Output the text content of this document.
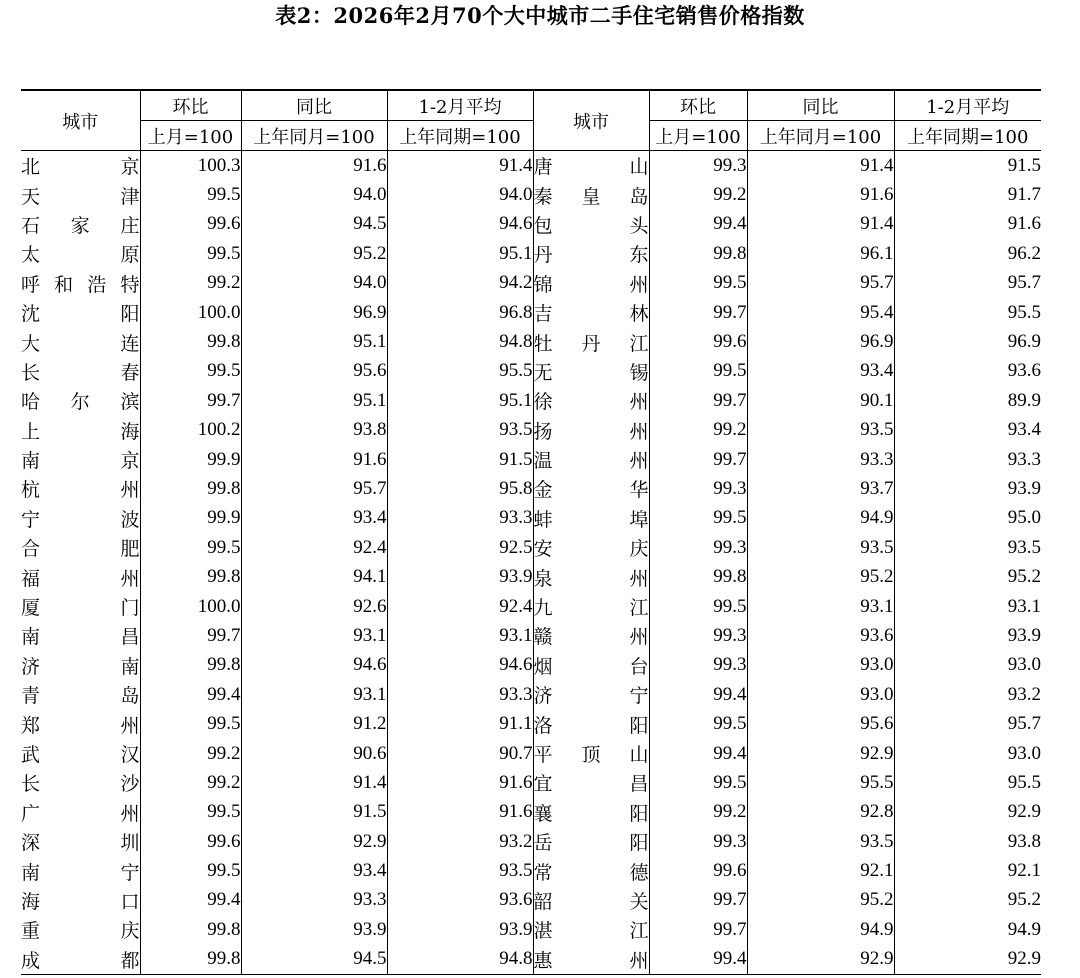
表2：2026年2月70个大中城市二手住宅销售价格指数
城市	环比	同比	1-2月平均	城市	环比	同比	1-2月平均
	上月=100	上年同月=100	上年同期=100		上月=100	上年同月=100	上年同期=100

北京	100.3	91.6	91.4	唐山	99.3	91.4	91.5

天津	99.5	94.0	94.0	秦皇岛	99.2	91.6	91.7

石家庄	99.6	94.5	94.6	包头	99.4	91.4	91.6

太原	99.5	95.2	95.1	丹东	99.8	96.1	96.2

呼和浩特	99.2	94.0	94.2	锦州	99.5	95.7	95.7

沈阳	100.0	96.9	96.8	吉林	99.7	95.4	95.5

大连	99.8	95.1	94.8	牡丹江	99.6	96.9	96.9

长春	99.5	95.6	95.5	无锡	99.5	93.4	93.6

哈尔滨	99.7	95.1	95.1	徐州	99.7	90.1	89.9

上海	100.2	93.8	93.5	扬州	99.2	93.5	93.4

南京	99.9	91.6	91.5	温州	99.7	93.3	93.3

杭州	99.8	95.7	95.8	金华	99.3	93.7	93.9

宁波	99.9	93.4	93.3	蚌埠	99.5	94.9	95.0

合肥	99.5	92.4	92.5	安庆	99.3	93.5	93.5

福州	99.8	94.1	93.9	泉州	99.8	95.2	95.2

厦门	100.0	92.6	92.4	九江	99.5	93.1	93.1

南昌	99.7	93.1	93.1	赣州	99.3	93.6	93.9

济南	99.8	94.6	94.6	烟台	99.3	93.0	93.0

青岛	99.4	93.1	93.3	济宁	99.4	93.0	93.2

郑州	99.5	91.2	91.1	洛阳	99.5	95.6	95.7

武汉	99.2	90.6	90.7	平顶山	99.4	92.9	93.0

长沙	99.2	91.4	91.6	宜昌	99.5	95.5	95.5

广州	99.5	91.5	91.6	襄阳	99.2	92.8	92.9

深圳	99.6	92.9	93.2	岳阳	99.3	93.5	93.8

南宁	99.5	93.4	93.5	常德	99.6	92.1	92.1

海口	99.4	93.3	93.6	韶关	99.7	95.2	95.2

重庆	99.8	93.9	93.9	湛江	99.7	94.9	94.9

成都	99.8	94.5	94.8	惠州	99.4	92.9	92.9
